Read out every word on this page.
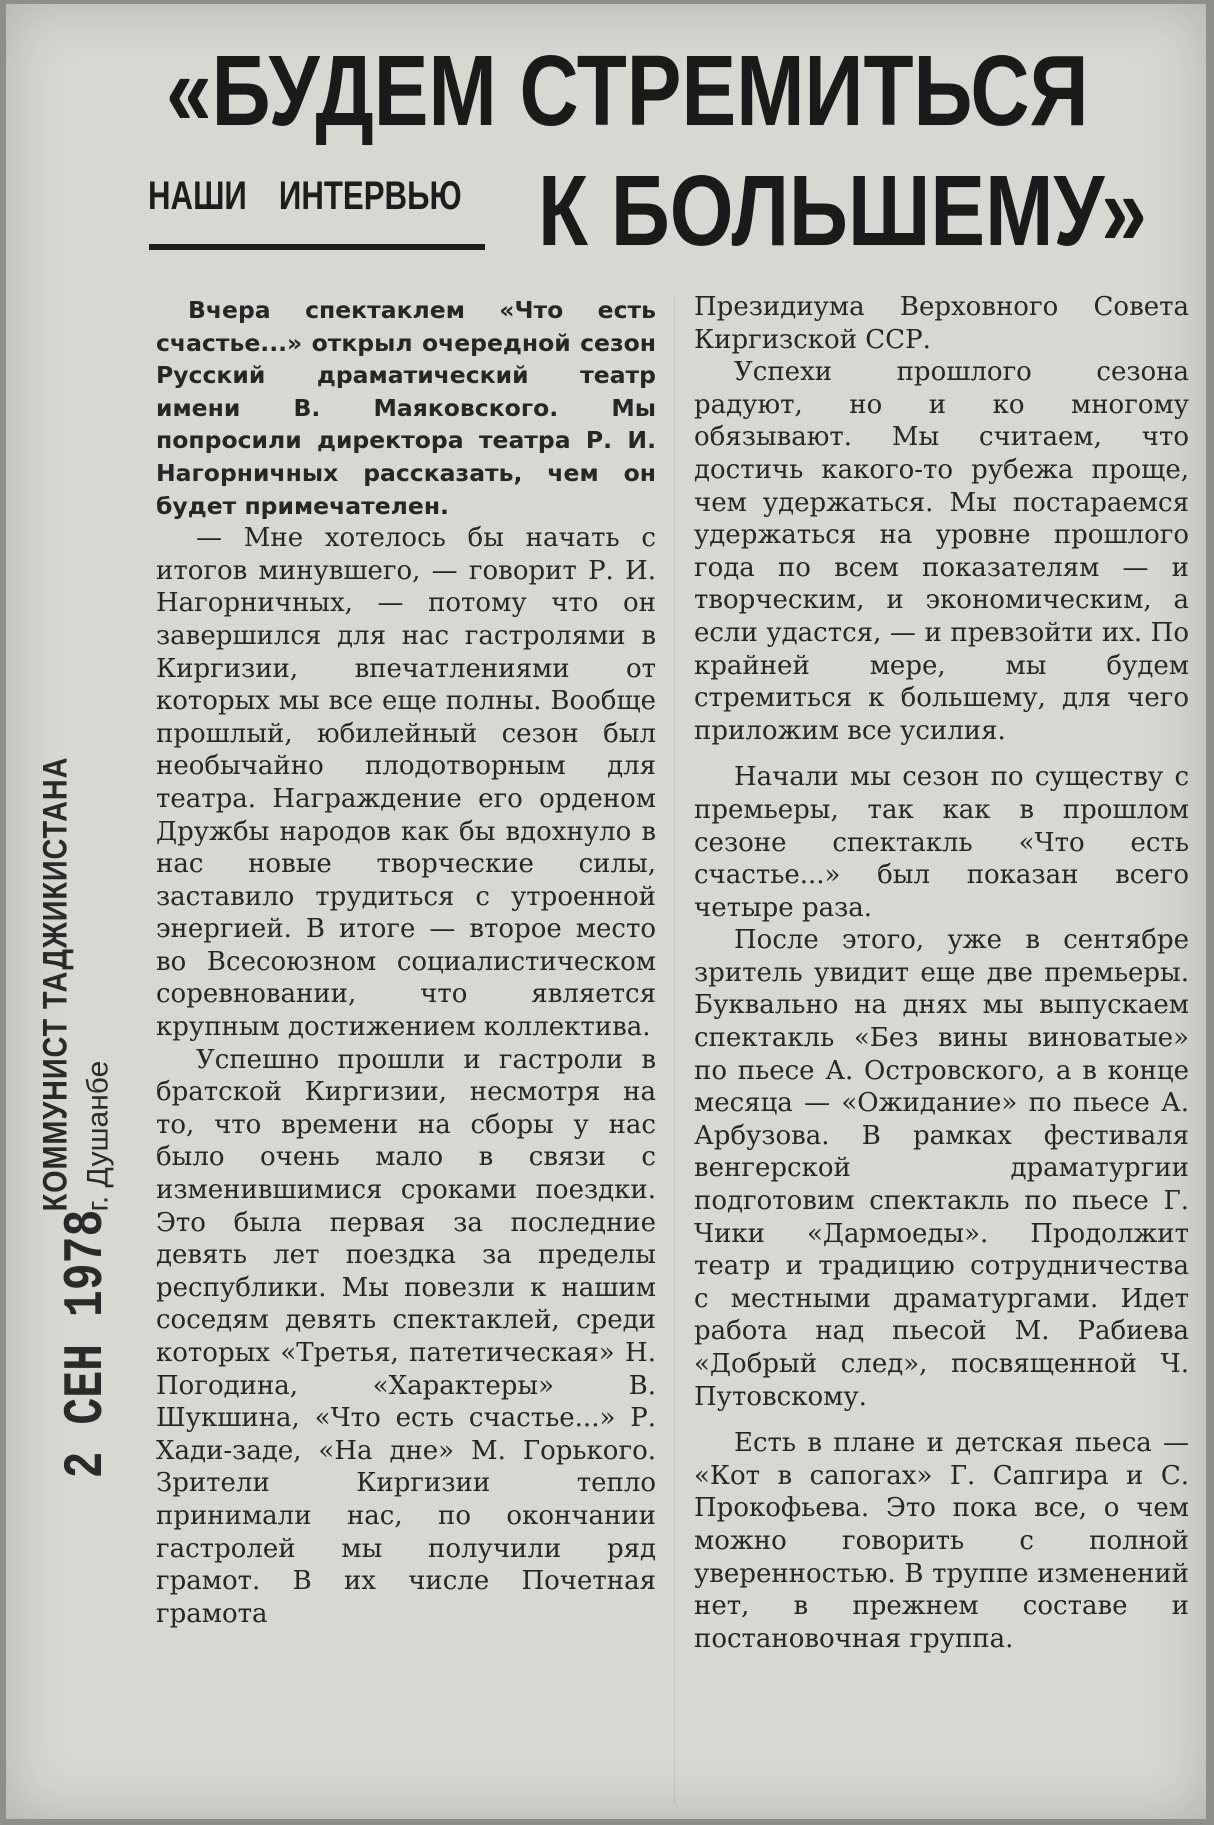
КОММУНИСТ ТАДЖИКИСТАНА г. Душанбе
2 СЕН 1978
«БУДЕМ СТРЕМИТЬСЯ
НАШИ ИНТЕРВЬЮ К БОЛЬШЕМУ»

Вчера спектаклем «Что есть счастье...» открыл очередной сезон Русский драматический театр имени В. Маяковского. Мы попросили директора театра Р. И. Нагорничных рассказать, чем он будет примечателен.

— Мне хотелось бы начать с итогов минувшего, — говорит Р. И. Нагорничных, — потому что он завершился для нас гастролями в Киргизии, впечатлениями от которых мы все еще полны. Вообще прошлый, юбилейный сезон был необычайно плодотворным для театра. Награждение его орденом Дружбы народов как бы вдохнуло в нас новые творческие силы, заставило трудиться с утроенной энергией. В итоге — второе место во Всесоюзном социалистическом соревновании, что является крупным достижением коллектива.

Успешно прошли и гастроли в братской Киргизии, несмотря на то, что времени на сборы у нас было очень мало в связи с изменившимися сроками поездки. Это была первая за последние девять лет поездка за пределы республики. Мы повезли к нашим соседям девять спектаклей, среди которых «Третья, патетическая» Н. Погодина, «Характеры» В. Шукшина, «Что есть счастье...» Р. Хади-заде, «На дне» М. Горького. Зрители Киргизии тепло принимали нас, по окончании гастролей мы получили ряд грамот. В их числе Почетная грамота

Президиума Верховного Совета Киргизской ССР.

Успехи прошлого сезона радуют, но и ко многому обязывают. Мы считаем, что достичь какого-то рубежа проще, чем удержаться. Мы постараемся удержаться на уровне прошлого года по всем показателям — и творческим, и экономическим, а если удастся, — и превзойти их. По крайней мере, мы будем стремиться к большему, для чего приложим все усилия.

Начали мы сезон по существу с премьеры, так как в прошлом сезоне спектакль «Что есть счастье...» был показан всего четыре раза.

После этого, уже в сентябре зритель увидит еще две премьеры. Буквально на днях мы выпускаем спектакль «Без вины виноватые» по пьесе А. Островского, а в конце месяца — «Ожидание» по пьесе А. Арбузова. В рамках фестиваля венгерской драматургии подготовим спектакль по пьесе Г. Чики «Дармоеды». Продолжит театр и традицию сотрудничества с местными драматургами. Идет работа над пьесой М. Рабиева «Добрый след», посвященной Ч. Путовскому.

Есть в плане и детская пьеса — «Кот в сапогах» Г. Сапгира и С. Прокофьева. Это пока все, о чем можно говорить с полной уверенностью. В труппе изменений нет, в прежнем составе и постановочная группа.
